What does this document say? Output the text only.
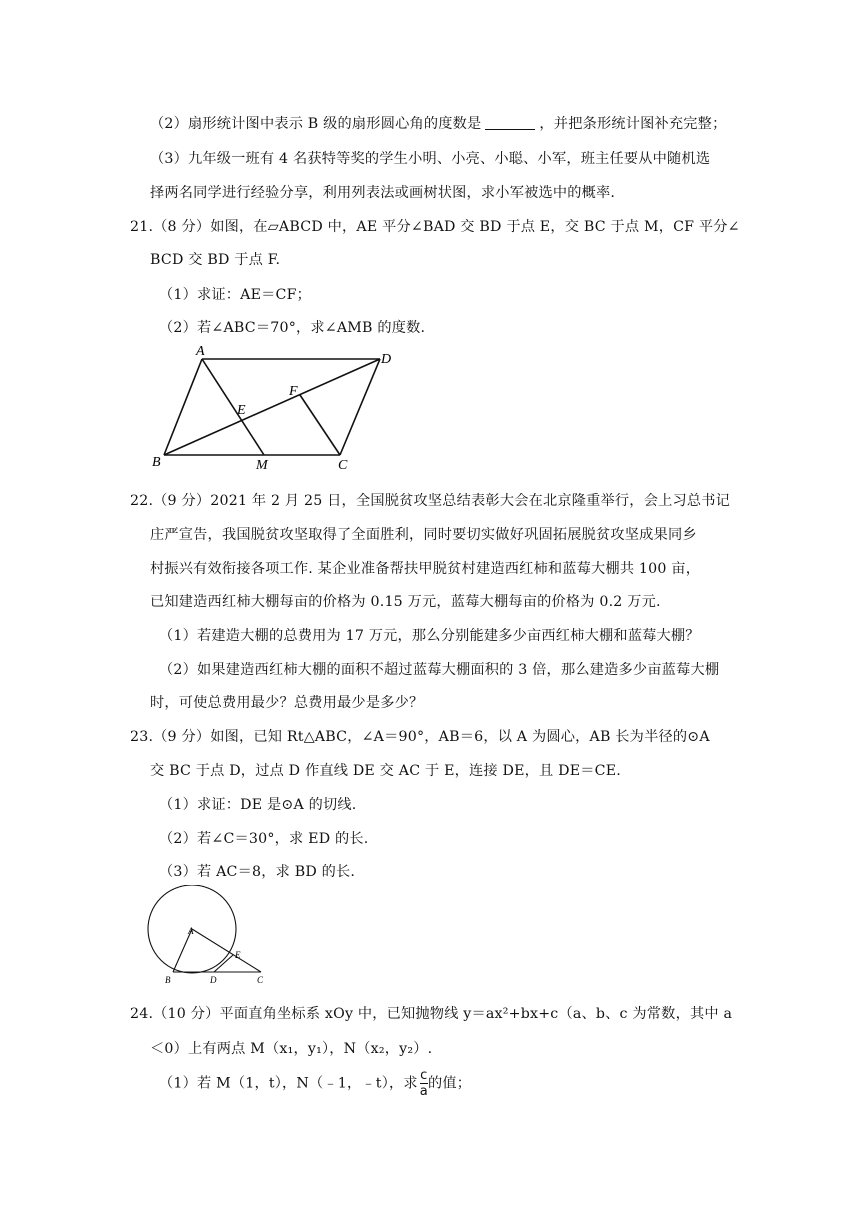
（2）扇形统计图中表示 B 级的扇形圆心角的度数是	，并把条形统计图补充完整；
（3）九年级一班有 4 名获特等奖的学生小明、小亮、小聪、小军，班主任要从中随机选
择两名同学进行经验分享，利用列表法或画树状图，求小军被选中的概率.
21.（8 分）如图，在▱ABCD 中，AE 平分∠BAD 交 BD 于点 E，交 BC 于点 M，CF 平分∠
BCD 交 BD 于点 F.
（1）求证：AE＝CF；
（2）若∠ABC＝70°，求∠AMB 的度数.
A
D
F
E
B	M	C
22.（9 分）2021 年 2 月 25 日，全国脱贫攻坚总结表彰大会在北京隆重举行，会上习总书记
庄严宣告，我国脱贫攻坚取得了全面胜利，同时要切实做好巩固拓展脱贫攻坚成果同乡
村振兴有效衔接各项工作. 某企业准备帮扶甲脱贫村建造西红柿和蓝莓大棚共 100 亩，
已知建造西红柿大棚每亩的价格为 0.15 万元，蓝莓大棚每亩的价格为 0.2 万元.
（1）若建造大棚的总费用为 17 万元，那么分别能建多少亩西红柿大棚和蓝莓大棚？
（2）如果建造西红柿大棚的面积不超过蓝莓大棚面积的 3 倍，那么建造多少亩蓝莓大棚
时，可使总费用最少？总费用最少是多少？
23.（9 分）如图，已知 Rt△ABC，∠A＝90°，AB＝6，以 A 为圆心，AB 长为半径的⊙A
交 BC 于点 D，过点 D 作直线 DE 交 AC 于 E，连接 DE，且 DE＝CE.
（1）求证：DE 是⊙A 的切线.
（2）若∠C＝30°，求 ED 的长.
（3）若 AC＝8，求 BD 的长.
A
E
B	D	C
24.（10 分）平面直角坐标系 xOy 中，已知抛物线 y＝ax²+bx+c（a、b、c 为常数，其中 a
＜0）上有两点 M（x₁，y₁），N（x₂，y₂）.
（1）若 M（1，t），N（﹣1，﹣t），求 $\frac{c}{a}$ 的值；
